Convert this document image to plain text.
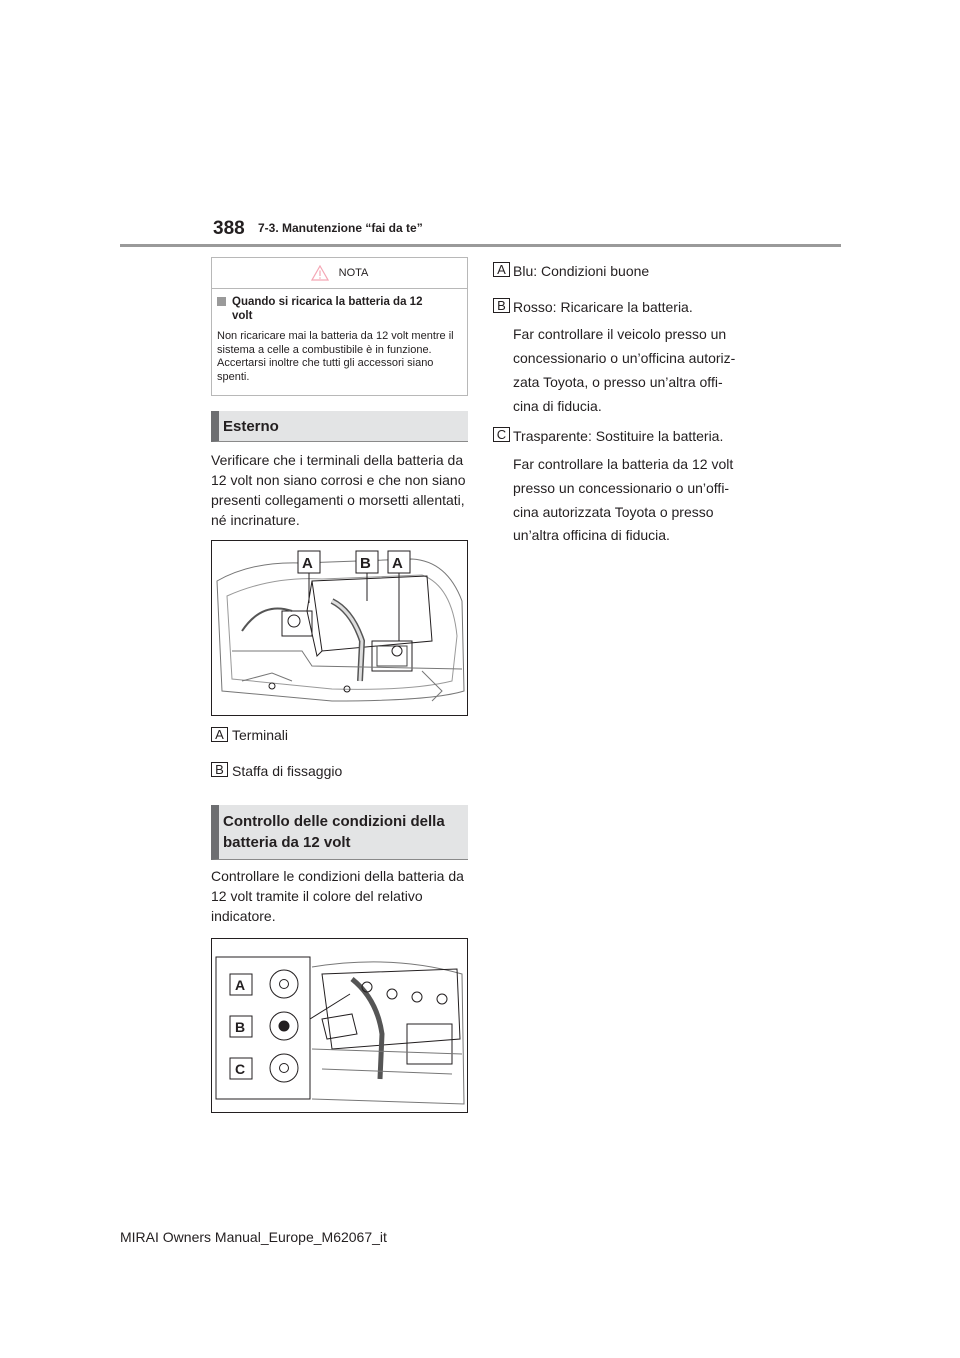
388 7-3. Manutenzione “fai da te”
NOTA
Quando si ricarica la batteria da 12 volt
Non ricaricare mai la batteria da 12 volt mentre il sistema a celle a combustibile è in funzione. Accertarsi inoltre che tutti gli accessori siano spenti.
Esterno
Verificare che i terminali della batteria da 12 volt non siano corrosi e che non siano presenti collegamenti o morsetti allentati, né incrinature.
A	B A
A Terminali
B Staffa di fissaggio
Controllo delle condizioni della batteria da 12 volt
Controllare le condizioni della batteria da 12 volt tramite il colore del relativo indicatore.
A
B
C
A Blu: Condizioni buone
B Rosso: Ricaricare la batteria.
Far controllare il veicolo presso un
concessionario o un’officina autoriz-
zata Toyota, o presso un’altra offi-
cina di fiducia.
C Trasparente: Sostituire la batteria.
Far controllare la batteria da 12 volt
presso un concessionario o un’offi-
cina autorizzata Toyota o presso
un’altra officina di fiducia.
MIRAI Owners Manual_Europe_M62067_it
